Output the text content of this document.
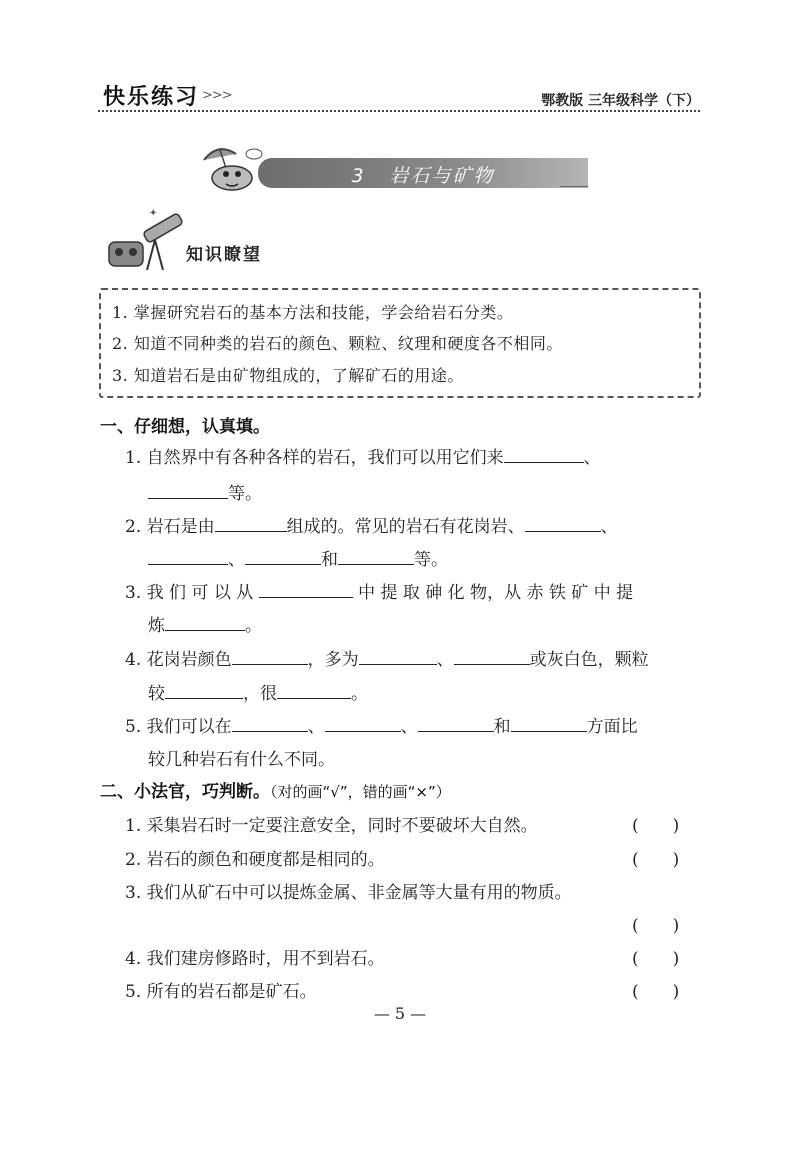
快乐练习 >>>	鄂教版 三年级科学（下）
3 岩石与矿物
✦
知识瞭望
1. 掌握研究岩石的基本方法和技能，学会给岩石分类。
2. 知道不同种类的岩石的颜色、颗粒、纹理和硬度各不相同。
3. 知道岩石是由矿物组成的，了解矿石的用途。
一、仔细想，认真填。
1. 自然界中有各种各样的岩石，我们可以用它们来	、
等。
2. 岩石是由	组成的。常见的岩石有花岗岩、	、
、	和	等。
3. 我 们 可 以 从	中 提 取 砷 化 物，从 赤 铁 矿 中 提
炼	。
4. 花岗岩颜色	，多为	、	或灰白色，颗粒
较	，很	。
5. 我们可以在	、	、	和	方面比
较几种岩石有什么不同。
二、小法官，巧判断。（对的画“√”，错的画“×”）
1. 采集岩石时一定要注意安全，同时不要破坏大自然。	(　　)
2. 岩石的颜色和硬度都是相同的。	(　　)
3. 我们从矿石中可以提炼金属、非金属等大量有用的物质。
(　　)
4. 我们建房修路时，用不到岩石。	(　　)
5. 所有的岩石都是矿石。	(　　)
— 5 —
